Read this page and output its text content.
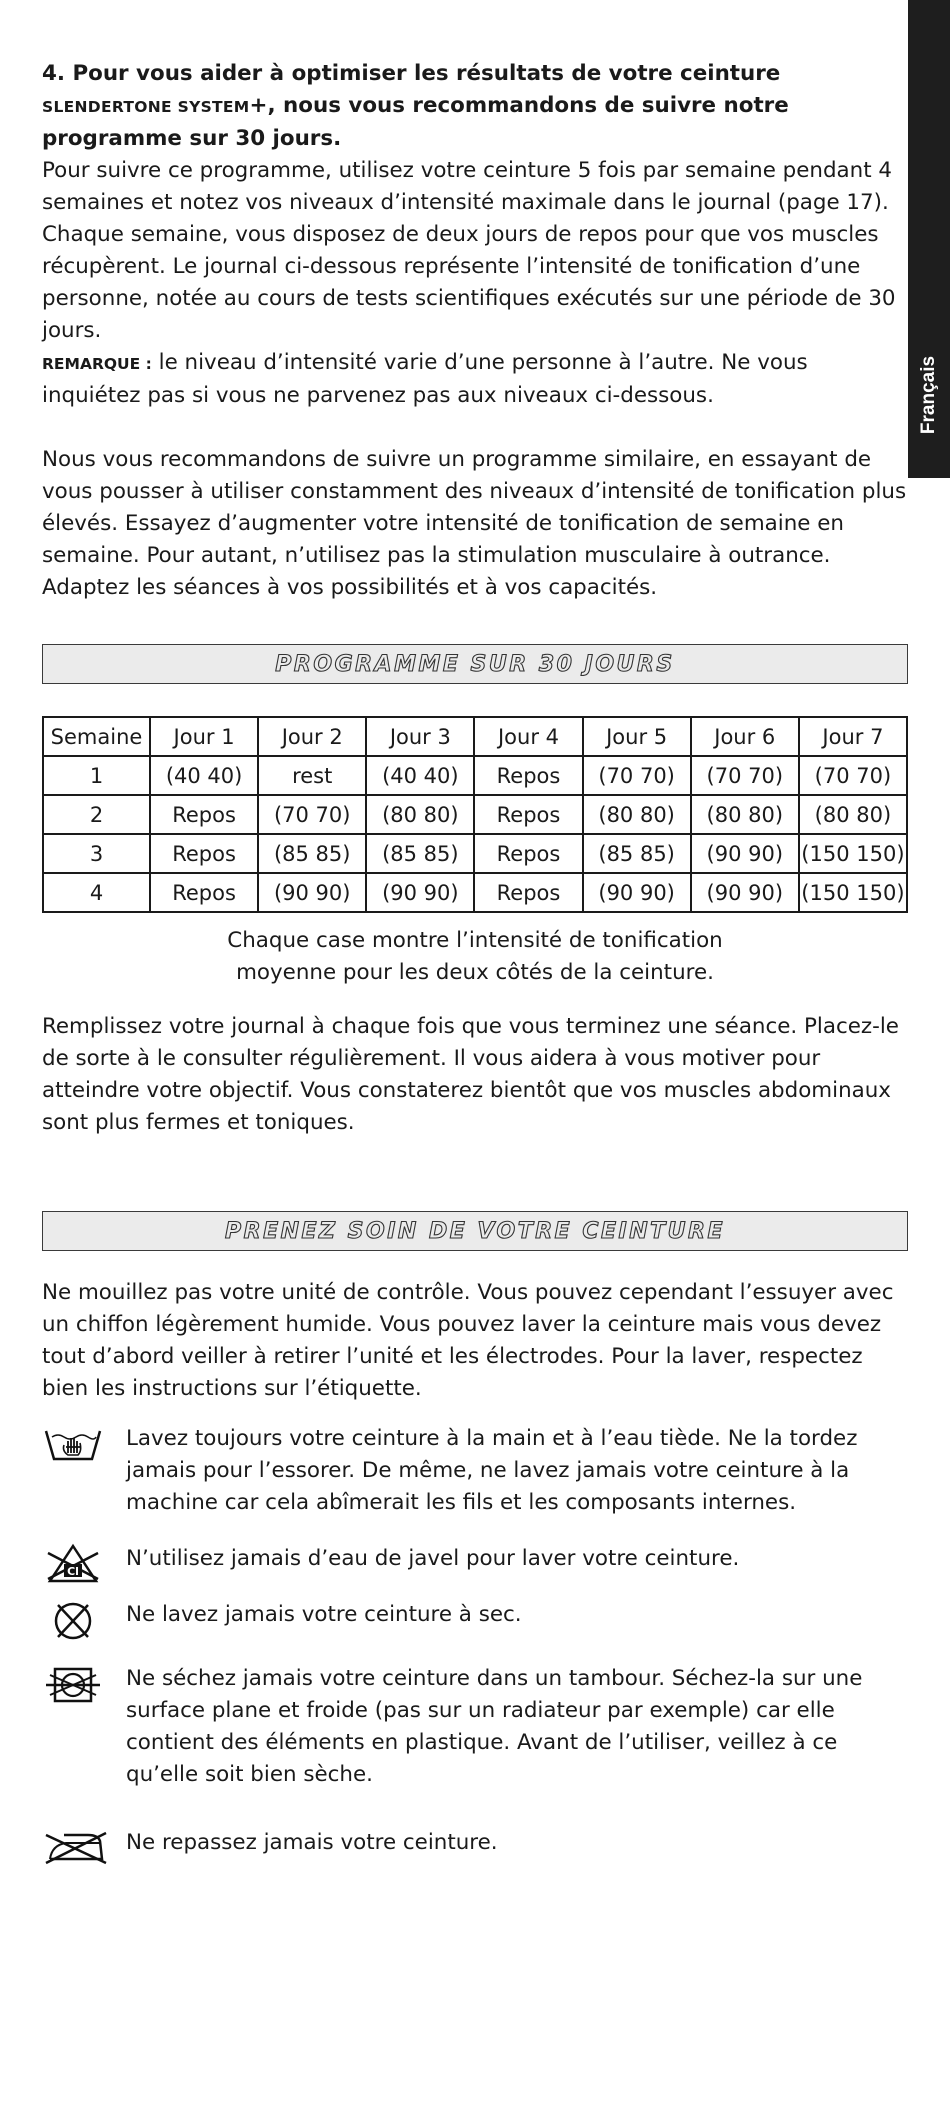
Français

4. Pour vous aider à optimiser les résultats de votre ceinture SLENDERTONE SYSTEM+, nous vous recommandons de suivre notre programme sur 30 jours.

Pour suivre ce programme, utilisez votre ceinture 5 fois par semaine pendant 4 semaines et notez vos niveaux d’intensité maximale dans le journal (page 17). Chaque semaine, vous disposez de deux jours de repos pour que vos muscles récupèrent. Le journal ci-dessous représente l’intensité de tonification d’une personne, notée au cours de tests scientifiques exécutés sur une période de 30 jours.

REMARQUE : le niveau d’intensité varie d’une personne à l’autre. Ne vous inquiétez pas si vous ne parvenez pas aux niveaux ci-dessous.

Nous vous recommandons de suivre un programme similaire, en essayant de vous pousser à utiliser constamment des niveaux d’intensité de tonification plus élevés. Essayez d’augmenter votre intensité de tonification de semaine en semaine. Pour autant, n’utilisez pas la stimulation musculaire à outrance. Adaptez les séances à vos possibilités et à vos capacités.

PROGRAMME SUR 30 JOURS
Semaine	Jour 1	Jour 2	Jour 3	Jour 4	Jour 5	Jour 6	Jour 7
1	(40 40)	rest	(40 40)	Repos	(70 70)	(70 70)	(70 70)
2	Repos	(70 70)	(80 80)	Repos	(80 80)	(80 80)	(80 80)
3	Repos	(85 85)	(85 85)	Repos	(85 85)	(90 90)	(150 150)
4	Repos	(90 90)	(90 90)	Repos	(90 90)	(90 90)	(150 150)

Chaque case montre l’intensité de tonification

moyenne pour les deux côtés de la ceinture.

Remplissez votre journal à chaque fois que vous terminez une séance. Placez-le de sorte à le consulter régulièrement. Il vous aidera à vous motiver pour atteindre votre objectif. Vous constaterez bientôt que vos muscles abdominaux sont plus fermes et toniques.

PRENEZ SOIN DE VOTRE CEINTURE

Ne mouillez pas votre unité de contrôle. Vous pouvez cependant l’essuyer avec un chiffon légèrement humide. Vous pouvez laver la ceinture mais vous devez tout d’abord veiller à retirer l’unité et les électrodes. Pour la laver, respectez bien les instructions sur l’étiquette.

Lavez toujours votre ceinture à la main et à l’eau tiède. Ne la tordez jamais pour l’essorer. De même, ne lavez jamais votre ceinture à la machine car cela abîmerait les fils et les composants internes.

Cl

N’utilisez jamais d’eau de javel pour laver votre ceinture.

Ne lavez jamais votre ceinture à sec.

Ne séchez jamais votre ceinture dans un tambour. Séchez-la sur une surface plane et froide (pas sur un radiateur par exemple) car elle contient des éléments en plastique. Avant de l’utiliser, veillez à ce qu’elle soit bien sèche.

Ne repassez jamais votre ceinture.
